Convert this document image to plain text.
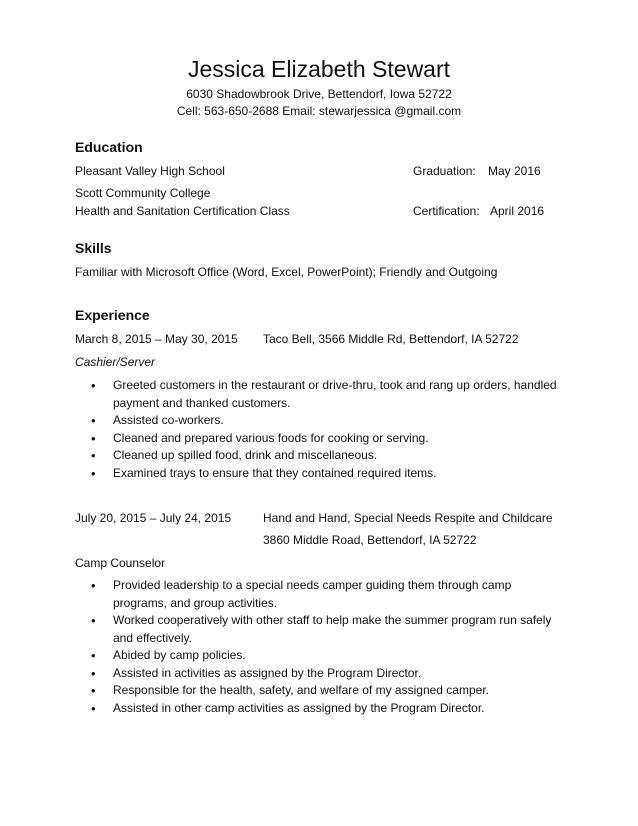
Jessica Elizabeth Stewart
6030 Shadowbrook Drive, Bettendorf, Iowa 52722
Cell: 563-650-2688 Email: stewarjessica @gmail.com
Education
Pleasant Valley High School	Graduation: May 2016
Scott Community College
Health and Sanitation Certification Class	Certification: April 2016
Skills
Familiar with Microsoft Office (Word, Excel, PowerPoint); Friendly and Outgoing
Experience
March 8, 2015 – May 30, 2015 Taco Bell, 3566 Middle Rd, Bettendorf, IA 52722
Cashier/Server
• Greeted customers in the restaurant or drive-thru, took and rang up orders, handled payment and thanked customers.
• Assisted co-workers.
• Cleaned and prepared various foods for cooking or serving.
• Cleaned up spilled food, drink and miscellaneous.
• Examined trays to ensure that they contained required items.
July 20, 2015 – July 24, 2015	Hand and Hand, Special Needs Respite and Childcare
3860 Middle Road, Bettendorf, IA 52722
Camp Counselor
• Provided leadership to a special needs camper guiding them through camp programs, and group activities.
• Worked cooperatively with other staff to help make the summer program run safely and effectively.
• Abided by camp policies.
• Assisted in activities as assigned by the Program Director.
• Responsible for the health, safety, and welfare of my assigned camper.
• Assisted in other camp activities as assigned by the Program Director.
